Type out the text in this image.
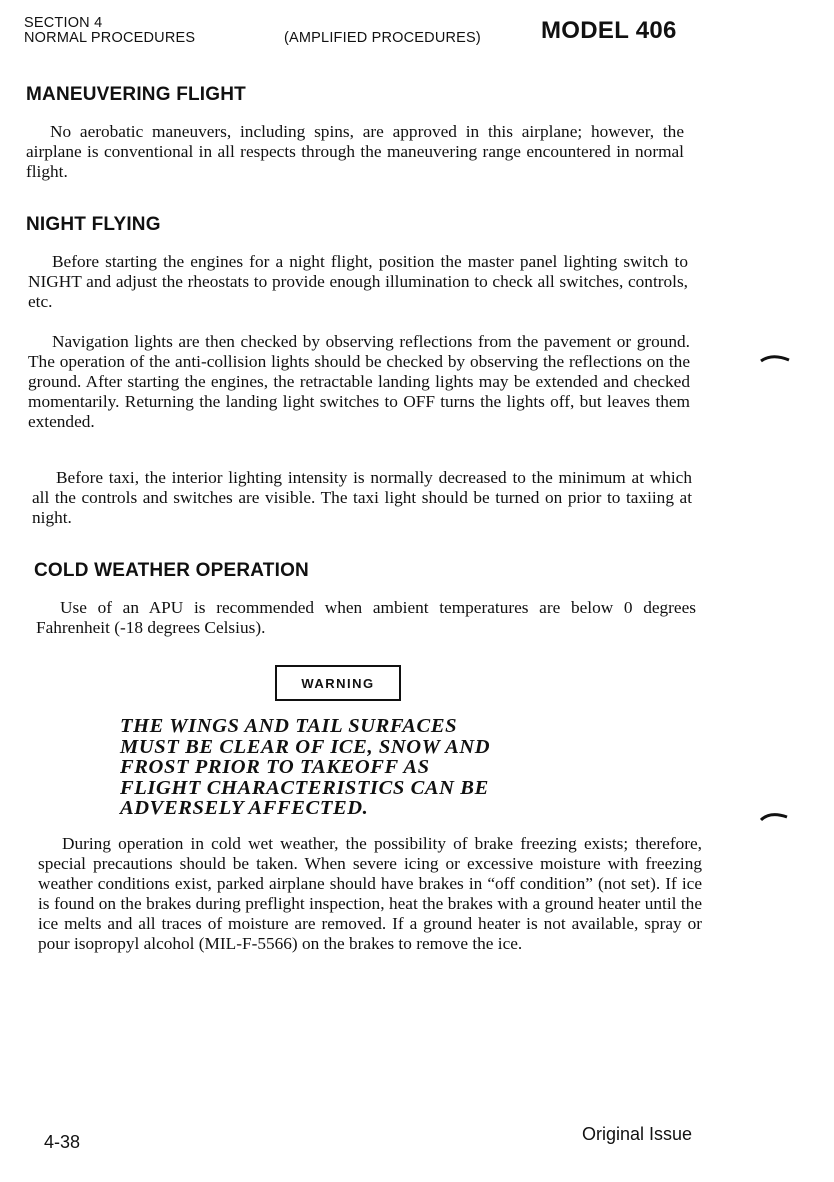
SECTION 4
NORMAL PROCEDURES	(AMPLIFIED PROCEDURES)	MODEL 406
MANEUVERING FLIGHT

No aerobatic maneuvers, including spins, are approved in this airplane; however, the airplane is conventional in all respects through the maneuvering range encountered in normal flight.

NIGHT FLYING

Before starting the engines for a night flight, position the master panel lighting switch to NIGHT and adjust the rheostats to provide enough illumination to check all switches, controls, etc.

Navigation lights are then checked by observing reflections from the pavement or ground. The operation of the anti-collision lights should be checked by observing the reflections on the ground. After starting the engines, the retractable landing lights may be extended and checked momentarily. Returning the landing light switches to OFF turns the lights off, but leaves them extended.

Before taxi, the interior lighting intensity is normally decreased to the minimum at which all the controls and switches are visible. The taxi light should be turned on prior to taxiing at night.

COLD WEATHER OPERATION

Use of an APU is recommended when ambient temperatures are below 0 degrees Fahrenheit (-18 degrees Celsius).

WARNING
THE WINGS AND TAIL SURFACES
MUST BE CLEAR OF ICE, SNOW AND
FROST PRIOR TO TAKEOFF AS
FLIGHT CHARACTERISTICS CAN BE
ADVERSELY AFFECTED.

During operation in cold wet weather, the possibility of brake freezing exists; therefore, special precautions should be taken. When severe icing or excessive moisture with freezing weather conditions exist, parked airplane should have brakes in “off condition” (not set). If ice is found on the brakes during preflight inspection, heat the brakes with a ground heater until the ice melts and all traces of moisture are removed. If a ground heater is not available, spray or pour isopropyl alcohol (MIL-F-5566) on the brakes to remove the ice.

4-38	Original Issue
